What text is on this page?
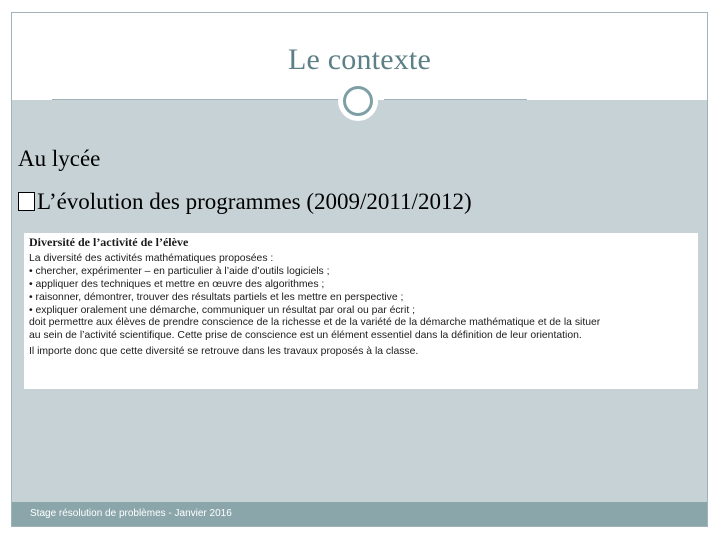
Le contexte
Au lycée
L’évolution des programmes (2009/2011/2012)
Diversité de l’activité de l’élève
La diversité des activités mathématiques proposées :
• chercher, expérimenter – en particulier à l’aide d’outils logiciels ;
• appliquer des techniques et mettre en œuvre des algorithmes ;
• raisonner, démontrer, trouver des résultats partiels et les mettre en perspective ;
• expliquer oralement une démarche, communiquer un résultat par oral ou par écrit ;
doit permettre aux élèves de prendre conscience de la richesse et de la variété de la démarche mathématique et de la situer
au sein de l’activité scientifique. Cette prise de conscience est un élément essentiel dans la définition de leur orientation.
Il importe donc que cette diversité se retrouve dans les travaux proposés à la classe.
Stage résolution de problèmes - Janvier 2016
